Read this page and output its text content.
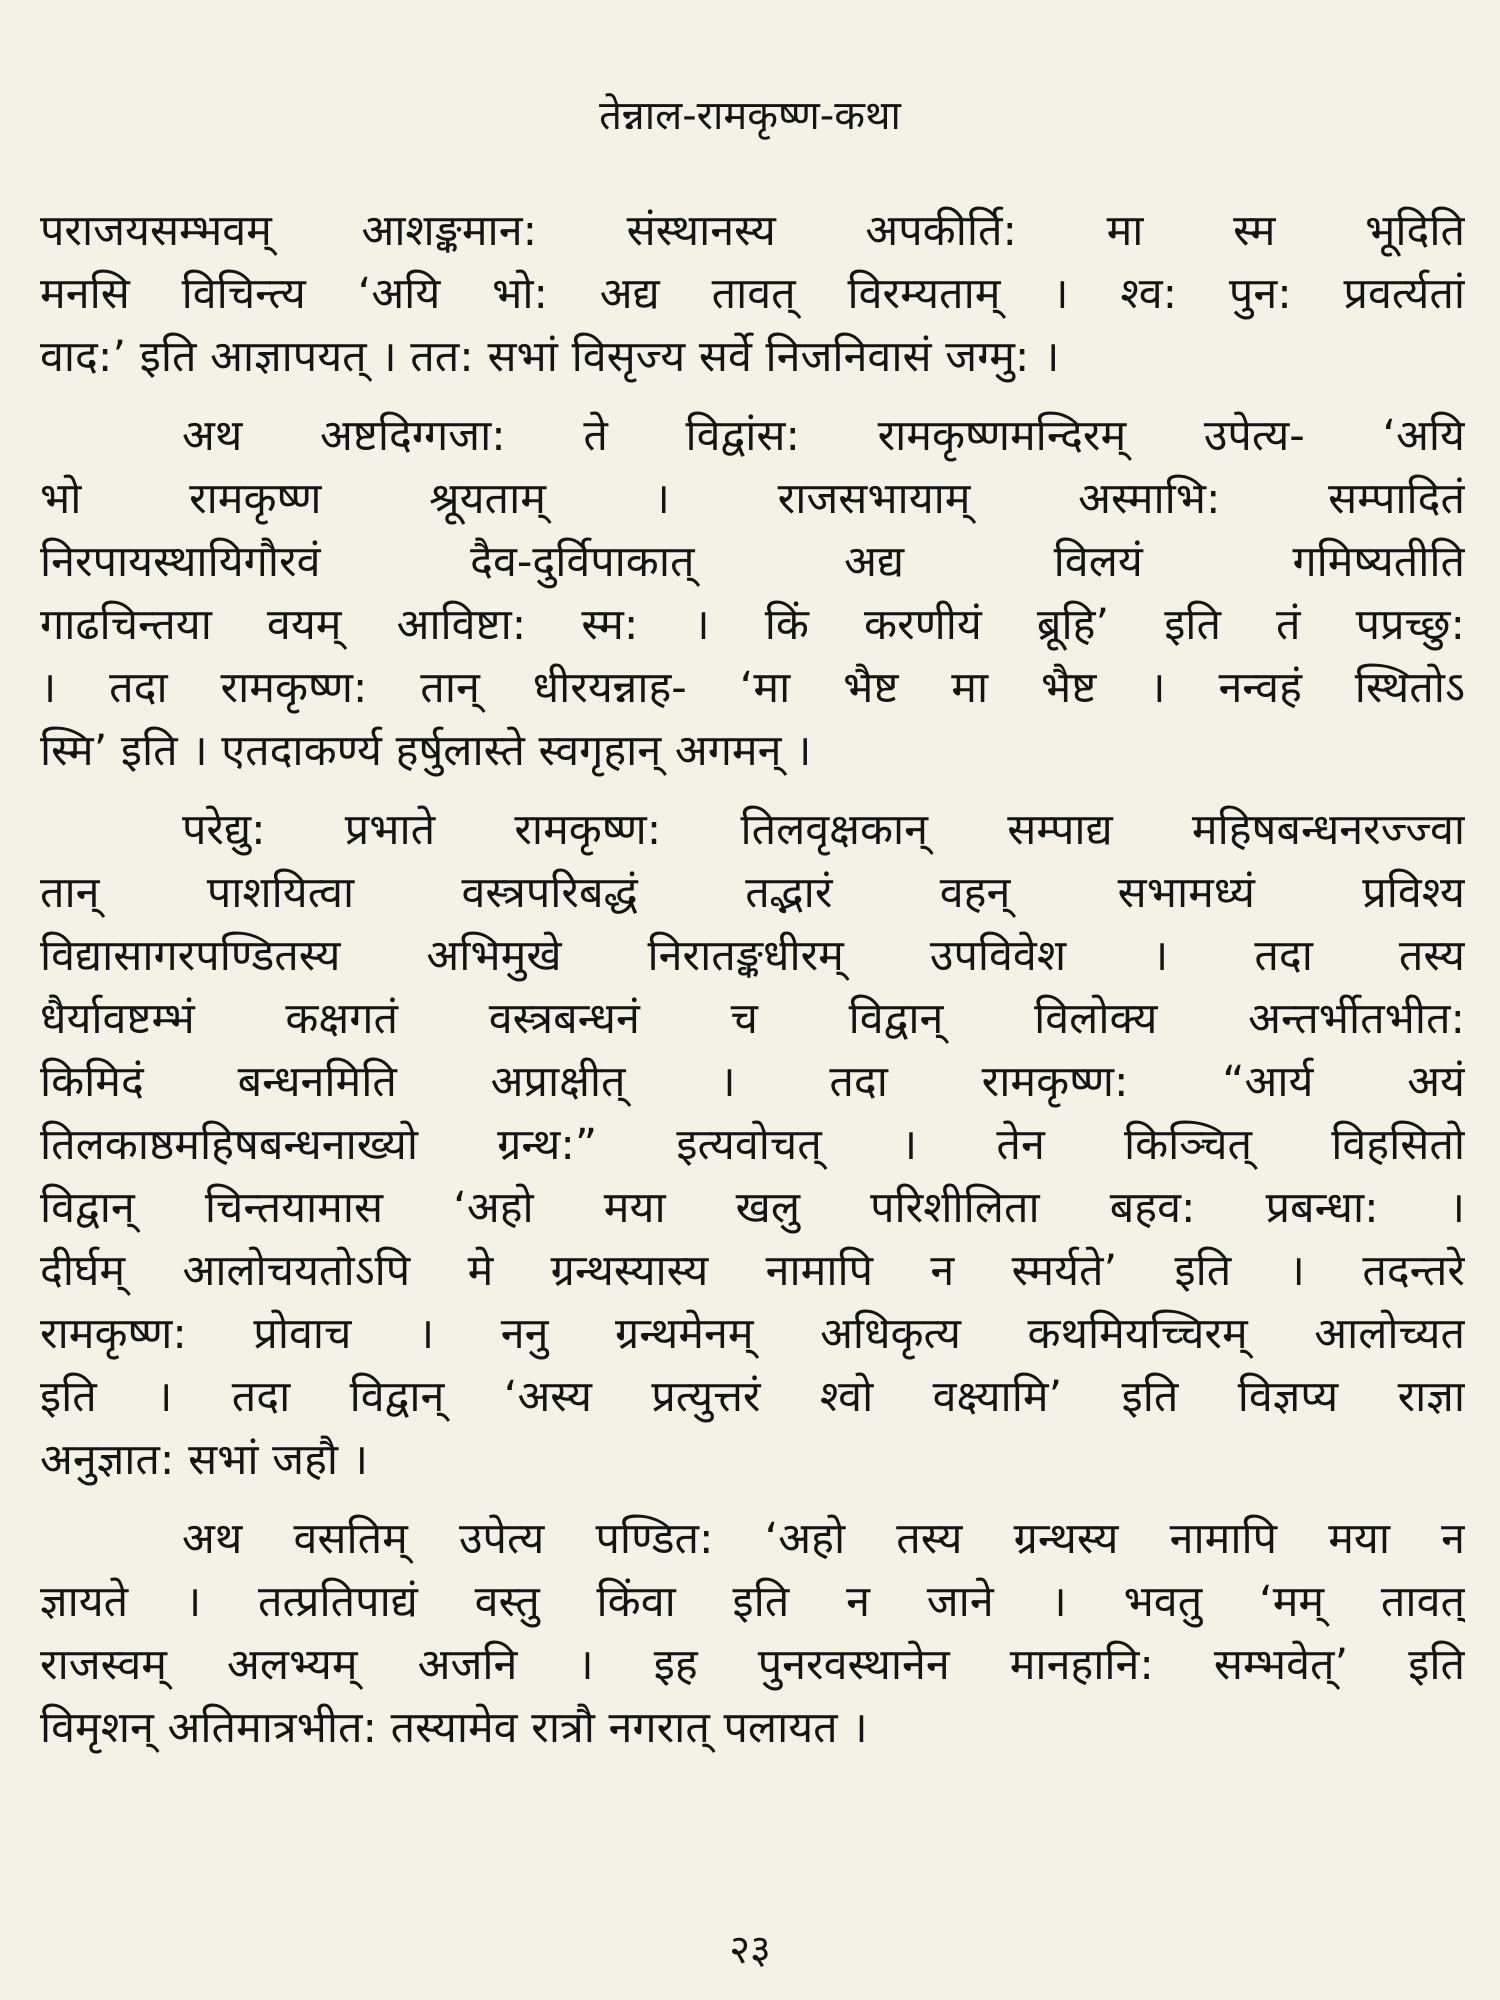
तेन्नाल-रामकृष्ण-कथा
पराजयसम्भवम् आशङ्कमान: संस्थानस्य अपकीर्ति: मा स्म भूदिति
मनसि विचिन्त्य ‘अयि भो: अद्य तावत् विरम्यताम् । श्व: पुन: प्रवर्त्यतां
वाद:’ इति आज्ञापयत् । तत: सभां विसृज्य सर्वे निजनिवासं जग्मु: ।
अथ अष्टदिग्गजा: ते विद्वांस: रामकृष्णमन्दिरम् उपेत्य- ‘अयि
भो रामकृष्ण श्रूयताम् । राजसभायाम् अस्माभि: सम्पादितं
निरपायस्थायिगौरवं दैव-दुर्विपाकात् अद्य विलयं गमिष्यतीति
गाढचिन्तया वयम् आविष्टा: स्म: । किं करणीयं ब्रूहि’ इति तं पप्रच्छु:
। तदा रामकृष्ण: तान् धीरयन्नाह- ‘मा भैष्ट मा भैष्ट । नन्वहं स्थितोऽ
स्मि’ इति । एतदाकर्ण्य हर्षुलास्ते स्वगृहान् अगमन् ।
परेद्यु: प्रभाते रामकृष्ण: तिलवृक्षकान् सम्पाद्य महिषबन्धनरज्ज्वा
तान् पाशयित्वा वस्त्रपरिबद्धं तद्भारं वहन् सभामध्यं प्रविश्य
विद्यासागरपण्डितस्य अभिमुखे निरातङ्कधीरम् उपविवेश । तदा तस्य
धैर्यावष्टम्भं कक्षगतं वस्त्रबन्धनं च विद्वान् विलोक्य अन्तर्भीतभीत:
किमिदं बन्धनमिति अप्राक्षीत् । तदा रामकृष्ण: “आर्य अयं
तिलकाष्ठमहिषबन्धनाख्यो ग्रन्थ:” इत्यवोचत् । तेन किञ्चित् विहसितो
विद्वान् चिन्तयामास ‘अहो मया खलु परिशीलिता बहव: प्रबन्धा: ।
दीर्घम् आलोचयतोऽपि मे ग्रन्थस्यास्य नामापि न स्मर्यते’ इति । तदन्तरे
रामकृष्ण: प्रोवाच । ननु ग्रन्थमेनम् अधिकृत्य कथमियच्चिरम् आलोच्यत
इति । तदा विद्वान् ‘अस्य प्रत्युत्तरं श्वो वक्ष्यामि’ इति विज्ञप्य राज्ञा
अनुज्ञात: सभां जहौ ।
अथ वसतिम् उपेत्य पण्डित: ‘अहो तस्य ग्रन्थस्य नामापि मया न
ज्ञायते । तत्प्रतिपाद्यं वस्तु किंवा इति न जाने । भवतु ‘मम् तावत्
राजस्वम् अलभ्यम् अजनि । इह पुनरवस्थानेन मानहानि: सम्भवेत्’ इति
विमृशन् अतिमात्रभीत: तस्यामेव रात्रौ नगरात् पलायत ।
२३
